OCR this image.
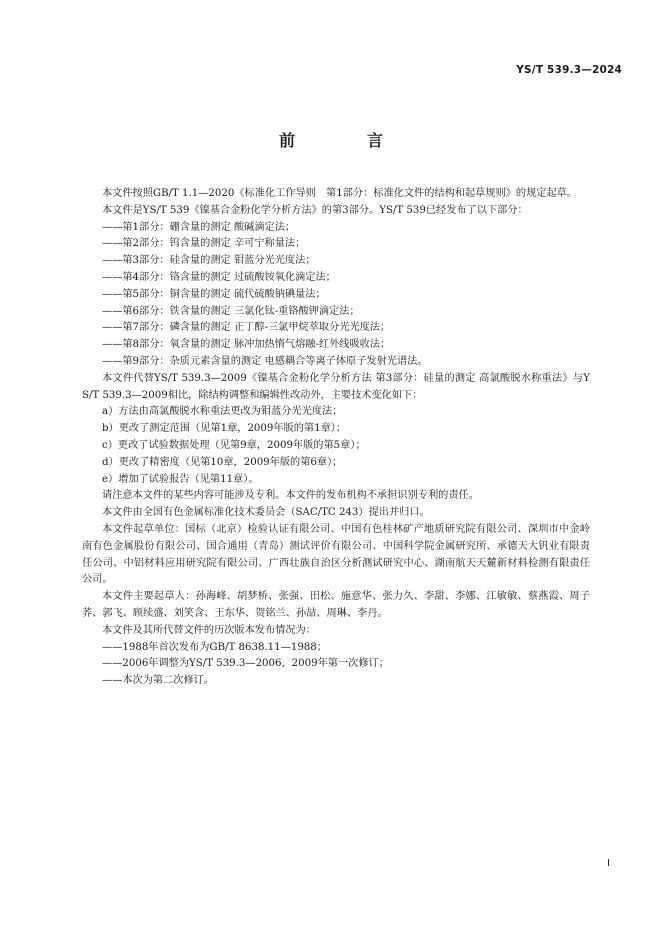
YS/T 539.3—2024
前　言

本文件按照GB/T 1.1—2020《标准化工作导则　第1部分：标准化文件的结构和起草规则》的规定起草。

本文件是YS/T 539《镍基合金粉化学分析方法》的第3部分。YS/T 539已经发布了以下部分：

——第1部分：硼含量的测定 酸碱滴定法；

——第2部分：钨含量的测定 辛可宁称量法；

——第3部分：硅含量的测定 钼蓝分光光度法；

——第4部分：铬含量的测定 过硫酸铵氧化滴定法；

——第5部分：铜含量的测定 硫代硫酸钠碘量法；

——第6部分：铁含量的测定 三氯化钛-重铬酸钾滴定法；

——第7部分：磷含量的测定 正丁醇-三氯甲烷萃取分光光度法；

——第8部分：氧含量的测定 脉冲加热惰气熔融-红外线吸收法；

——第9部分：杂质元素含量的测定 电感耦合等离子体原子发射光谱法。

本文件代替YS/T 539.3—2009《镍基合金粉化学分析方法 第3部分：硅量的测定 高氯酸脱水称重法》与YS/T 539.3—2009相比，除结构调整和编辑性改动外，主要技术变化如下：

a）方法由高氯酸脱水称重法更改为钼蓝分光光度法；

b）更改了测定范围（见第1章，2009年版的第1章）；

c）更改了试验数据处理（见第9章，2009年版的第5章）；

d）更改了精密度（见第10章，2009年版的第6章）；

e）增加了试验报告（见第11章）。

请注意本文件的某些内容可能涉及专利。本文件的发布机构不承担识别专利的责任。

本文件由全国有色金属标准化技术委员会（SAC/TC 243）提出并归口。

本文件起草单位：国标（北京）检验认证有限公司、中国有色桂林矿产地质研究院有限公司、深圳市中金岭南有色金属股份有限公司、国合通用（青岛）测试评价有限公司、中国科学院金属研究所、承德天大钒业有限责任公司、中铝材料应用研究院有限公司、广西壮族自治区分析测试研究中心、湖南航天天麓新材料检测有限责任公司。

本文件主要起草人：孙海峰、胡梦桥、张强、田松、施意华、张力久、李甜、李娜、江敏敏、蔡燕霞、周子荞、郭飞、顾续盛、刘笑含、王东华、贺铭兰、孙喆、周琳、李丹。

本文件及其所代替文件的历次版本发布情况为：

——1988年首次发布为GB/T 8638.11—1988；

——2006年调整为YS/T 539.3—2006，2009年第一次修订；

——本次为第二次修订。

I
